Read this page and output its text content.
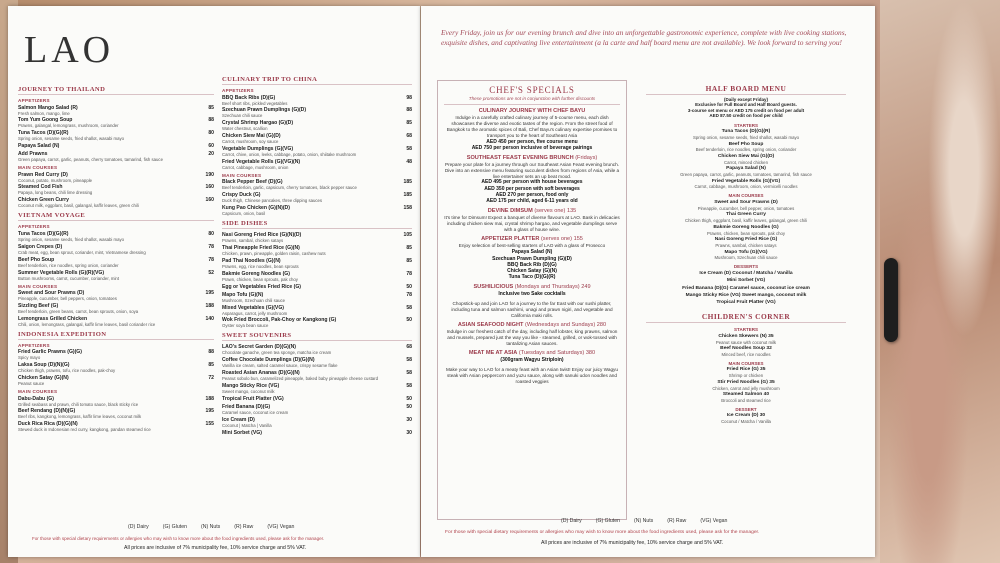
LAO
JOURNEY TO THAILAND
APPETIZERS
Salmon Mango Salad (R)	85
Fresh salmon, mango, lime
Tom Yum Goong Soup	88
Prawns, galangal, lemongrass, mushroom, coriander
Tuna Tacos (D)(G)(R)	80
Spring onion, sesame seeds, fried shallot, wasabi mayo
Papaya Salad (N)	60
Add Prawns	20
Green papaya, carrot, garlic, peanuts, cherry tomatoes, tamarind, fish sauce
MAIN COURSES
Prawn Red Curry (D)	190
Coconut, potato, mushroom, pineapple
Steamed Cod Fish	160
Papaya, long beans, chili lime dressing
Chicken Green Curry	160
Coconut milk, eggplant, basil, galangal, kaffir leaves, green chili
VIETNAM VOYAGE
APPETIZERS
Tuna Tacos (D)(G)(R)	80
Spring onion, sesame seeds, fried shallot, wasabi mayo
Saigon Crepes (D)	78
Crab meat, egg, bean sprout, coriander, mint, Vietnamese dressing
Beef Pho Soup	78
Beef tenderloin, rice noodles, spring onion, coriander
Summer Vegetable Rolls (G)(R)(VG)	52
Button mushrooms, carrot, cucumber, coriander, mint
MAIN COURSES
Sweet and Sour Prawns (D)	195
Pineapple, cucumber, bell peppers, onion, tomatoes
Sizzling Beef (G)	188
Beef tenderloin, green beans, carrot, bean sprouts, onion, soya
Lemongrass Grilled Chicken	140
Chili, onion, lemongrass, galangal, kaffir lime leaves, basil coriander rice
INDONESIA EXPEDITION
APPETIZERS
Fried Garlic Prawns (G)(G)	88
Spicy mayo
Laksa Soup (D)(N)(G)	85
Chicken thigh, prawns, tofu, rice noodles, pak-choy
Chicken Satay (G)(N)	72
Peanut sauce
MAIN COURSES
Dabu-Dabu (G)	188
Grilled seabass and prawn, chili tomato sauce, black sticky rice
Beef Rendang (D)(N)(G)	195
Beef ribs, kangkong, lemongrass, kaffir lime leaves, coconut milk
Duck Rica Rica (D)(G)(N)	155
Stewed duck in Indonesian red curry, kangkong, pandan steamed rice
CULINARY TRIP TO CHINA
APPETIZERS
BBQ Back Ribs (D)(G)	98
Beef short ribs, pickled vegetables
Szechuan Prawn Dumplings (G)(D)	88
Szechuan chili sauce
Crystal Shrimp Hargao (G)(D)	85
Water chestnut, scallion
Chicken Siew Mai (G)(D)	68
Carrot, mushroom, soy sauce
Vegetable Dumplings (G)(VG)	58
Carrot, chive, onion, leeks, cabbage, potato, onion, shiitake mushroom
Fried Vegetable Rolls (G)(VG)(N)	48
Carrot, cabbage, mushroom, onion
MAIN COURSES
Black Pepper Beef (D)(G)	185
Beef tenderloin, garlic, capsicum, cherry tomatoes, black pepper sauce
Crispy Duck (G)	185
Duck thigh, Chinese pancakes, three dipping sauces
Kung Pao Chicken (G)(N)(D)	158
Capsicum, onion, basil
SIDE DISHES
Nasi Goreng Fried Rice (G)(N)(D)	105
Prawns, sambal, chicken satays
Thai Pineapple Fried Rice (G)(N)	85
Chicken, prawn, pineapple, golden raisin, cashew nuts
Pad Thai Noodles (G)(N)	85
Prawns, egg, rice noodles, bean sprouts
Bakmie Goreng Noodles (G)	78
Prawn, chicken, bean sprouts, pak choy
Egg or Vegetables Fried Rice (G)	50
Mapo Tofu (G)(N)	78
Mushroom, Szechuan chili sauce
Mixed Vegetables (G)(VG)	58
Asparagus, carrot, jelly mushroom
Wok Fried Broccoli, Pak-Choy or Kangkong (G)	50
Oyster soya bean sauce
SWEET SOUVENIRS
LAO's Secret Garden (D)(G)(N)	68
Chocolate ganache, green tea sponge, matcha ice cream
Coffee Chocolate Dumplings (D)(G)(N)	58
Vanilla ice cream, salted caramel sauce, crispy sesame flake
Roasted Asian Ananas (D)(G)(N)	58
Peanut sobolo bun, caramelized pineapple, baked baby pineapple cheese custard
Mango Sticky Rice (VG)	58
Sweet mango, coconut milk
Tropical Fruit Platter (VG)	50
Fried Banana (D)(G)	50
Caramel sauce, coconut ice cream
Ice Cream (D)	30
Coconut | Matcha | Vanilla
Mini Sorbet (VG)	30
(D) Dairy	(G) Gluten	(N) Nuts	(R) Raw	(VG) Vegan
For those with special dietary requirements or allergies who may wish to know more about the food ingredients used, please ask for the manager.
All prices are inclusive of 7% municipality fee, 10% service charge and 5% VAT.
Every Friday, join us for our evening brunch and dive into an unforgettable gastronomic experience, complete with live cooking stations, exquisite dishes, and captivating live entertainment (a la carte and half board menu are not available). We look forward to serving you!
CHEF'S SPECIALS
These promotions are not in conjunction with further discounts
CULINARY JOURNEY WITH CHEF BAYU
Indulge in a carefully crafted culinary journey of 5-course menu, each dish showcases the diverse and exotic tastes of the region. From the street food of Bangkok to the aromatic spices of Bali, Chef Bayu's culinary expertise promises to transport you to the heart of Southeast Asia
AED 450 per person, five course menu
AED 750 per person inclusive of beverage pairings
SOUTHEAST FEAST EVENING BRUNCH (Fridays)
Prepare your plate for a journey through our Southeast Asian Feast evening brunch. Dive into an extensive menu featuring succulent dishes from regions of Asia, while a live entertainer sets an up beat mood.
AED 495 per person with house beverages
AED 350 per person with soft beverages
AED 270 per person, food only
AED 175 per child, aged 6-11 years old
DEVINE DIMSUM (serves one) 135
It's time for Dimsum! Expect a banquet of diverse flavours at LAO. Bask in delicacies including chicken siew mai, crystal shrimp hargao, and vegetable dumplings serve with a glass of house wine.
APPETIZER PLATTER (serves one) 155
Enjoy selection of best-selling starters of LAO with a glass of Prosecco
Papaya Salad (N)
Szechuan Prawn Dumpling (G)(D)
BBQ Back Rib (D)(G)
Chicken Satay (G)(N)
Tuna Taco (D)(G)(R)
SUSHILICIOUS (Mondays and Thursdays) 249
Inclusive two Sake cocktails
Chopstick-up and join LAO for a journey to the far East with our sushi platter, including tuna and salmon sashimi, unagi and prawn nigiri, and vegetable and California maki rolls.
ASIAN SEAFOOD NIGHT (Wednesdays and Sundays) 280
Indulge in our freshest catch of the day, including half lobster, king prawns, salmon and mussels, prepared just the way you like - steamed, grilled, or wok-tossed with tantalizing Asian sauces.
MEAT ME AT ASIA (Tuesdays and Saturdays) 380
(300gram Wagyu Striploin)
Make your way to LAO for a meaty feast with an Asian twist! Enjoy our juicy Wagyu steak with Asian peppercorn and yuzu sauce, along with sanuki udon noodles and roasted veggies
HALF BOARD MENU
(Daily except Friday)
Exclusive for Full Board and Half Board guests.
3-course set menu or AED 175 credit on food per adult
AED 87.50 credit on food per child
STARTERS
Tuna Tacos (D)(G)(R)
Spring onion, sesame seeds, fried shallot, wasabi mayo
Beef Pho Soup
Beef tenderloin, rice noodles, spring onion, coriander
Chicken Siew Mai (G)(D)
Carrot, minced chicken
Papaya Salad (N)
Green papaya, carrot, garlic, peanuts, tomatoes, tamarind, fish sauce
Fried Vegetable Rolls (G)(VG)
Carrot, cabbage, mushroom, onion, vermicelli noodles
MAIN COURSES
Sweet and Sour Prawns (D)
Pineapple, cucumber, bell pepper, onion, tomatoes
Thai Green Curry
Chicken thigh, eggplant, basil, kaffir leaves, galangal, green chili
Bakmie Goreng Noodles (G)
Prawns, chicken, bean sprouts, pak choy
Nasi Goreng Fried Rice (G)
Prawns, sambal, chicken satays
Mapo Tofu (G)(VG)
Mushroom, Szechuan chili sauce
DESSERTS
Ice Cream (D) Coconut / Matcha / Vanilla
Mini Sorbet (VG)
Fried Banana (D)(G) Caramel sauce, coconut ice cream
Mango Sticky Rice (VG) Sweet mango, coconut milk
Tropical Fruit Platter (VG)
CHILDREN'S CORNER
STARTERS
Chicken Skewers (N) 35
Peanut sauce with coconut milk
Beef Noodles Soup 32
Minced beef, rice noodles
MAIN COURSES
Fried Rice (G) 35
Shrimp or chicken
Stir Fried Noodles (G) 35
Chicken, carrot and jelly mushroom
Steamed Salmon 40
Broccoli and steamed rice
DESSERT
Ice Cream (D) 30
Coconut / Matcha / Vanilla
(D) Dairy	(G) Gluten	(N) Nuts	(R) Raw	(VG) Vegan
For those with special dietary requirements or allergies who may wish to know more about the food ingredients used, please ask for the manager.
All prices are inclusive of 7% municipality fee, 10% service charge and 5% VAT.
